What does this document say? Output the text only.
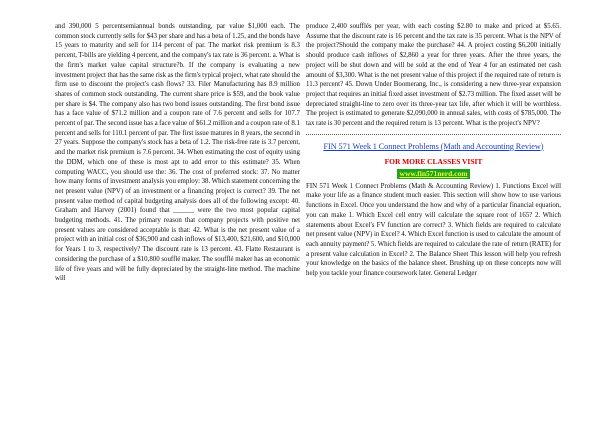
and 390,000 5 percentsemiannual bonds outstanding, par value $1,000 each. The common stock currently sells for $43 per share and has a beta of 1.25, and the bonds have 15 years to maturity and sell for 114 percent of par. The market risk premium is 8.3 percent, T-bills are yielding 4 percent, and the company's tax rate is 36 percent. a. What is the firm's market value capital structure?b. If the company is evaluating a new investment project that has the same risk as the firm's typical project, what rate should the firm use to discount the project's cash flows? 33. Filer Manufacturing has 8.9 million shares of common stock outstanding. The current share price is $59, and the book value per share is $4. The company also has two bond issues outstanding. The first bond issue has a face value of $71.2 million and a coupon rate of 7.6 percent and sells for 107.7 percent of par. The second issue has a face value of $61.2 million and a coupon rate of 8.1 percent and sells for 110.1 percent of par. The first issue matures in 8 years, the second in 27 years. Suppose the company's stock has a beta of 1.2. The risk-free rate is 3.7 percent, and the market risk premium is 7.6 percent. 34. When estimating the cost of equity using the DDM, which one of these is most apt to add error to this estimate? 35. When computing WACC, you should use the: 36. The cost of preferred stock: 37. No matter how many forms of investment analysis you employ: 38. Which statement concerning the net present value (NPV) of an investment or a financing project is correct? 39. The net present value method of capital budgeting analysis does all of the following except: 40. Graham and Harvey (2001) found that ______ were the two most popular capital budgeting methods. 41. The primary reason that company projects with positive net present values are considered acceptable is that: 42. What is the net present value of a project with an initial cost of $36,900 and cash inflows of $13,400, $21,600, and $10,000 for Years 1 to 3, respectively? The discount rate is 13 percent. 43. Flatte Restaurant is considering the purchase of a $10,800 soufflé maker. The soufflé maker has an economic life of five years and will be fully depreciated by the straight-line method. The machine will

produce 2,400 soufflés per year, with each costing $2.80 to make and priced at $5.65. Assume that the discount rate is 16 percent and the tax rate is 35 percent. What is the NPV of the project?Should the company make the purchase? 44. A project costing $6,200 initially should produce cash inflows of $2,860 a year for three years. After the three years, the project will be shut down and will be sold at the end of Year 4 for an estimated net cash amount of $3,300. What is the net present value of this project if the required rate of return is 11.3 percent? 45. Down Under Boomerang, Inc., is considering a new three-year expansion project that requires an initial fixed asset investment of $2.73 million. The fixed asset will be depreciated straight-line to zero over its three-year tax life, after which it will be worthless. The project is estimated to generate $2,090,000 in annual sales, with costs of $785,000. The tax rate is 30 percent and the required return is 13 percent. What is the project's NPV?

FIN 571 Week 1 Connect Problems (Math and Accounting Review)
FOR MORE CLASSES VISIT
www.fin571nerd.com

FIN 571 Week 1 Connect Problems (Math & Accounting Review) 1. Functions Excel will make your life as a finance student much easier. This section will show how to use various functions in Excel. Once you understand the how and why of a particular financial equation, you can make 1. Which Excel cell entry will calculate the square root of 165? 2. Which statements about Excel's FV function are correct? 3. Which fields are required to calculate net present value (NPV) in Excel? 4. Which Excel function is used to calculate the amount of each annuity payment? 5. Which fields are required to calculate the rate of return (RATE) for a present value calculation in Excel? 2. The Balance Sheet This lesson will help you refresh your knowledge on the basics of the balance sheet. Brushing up on these concepts now will help you tackle your finance coursework later. General Ledger
